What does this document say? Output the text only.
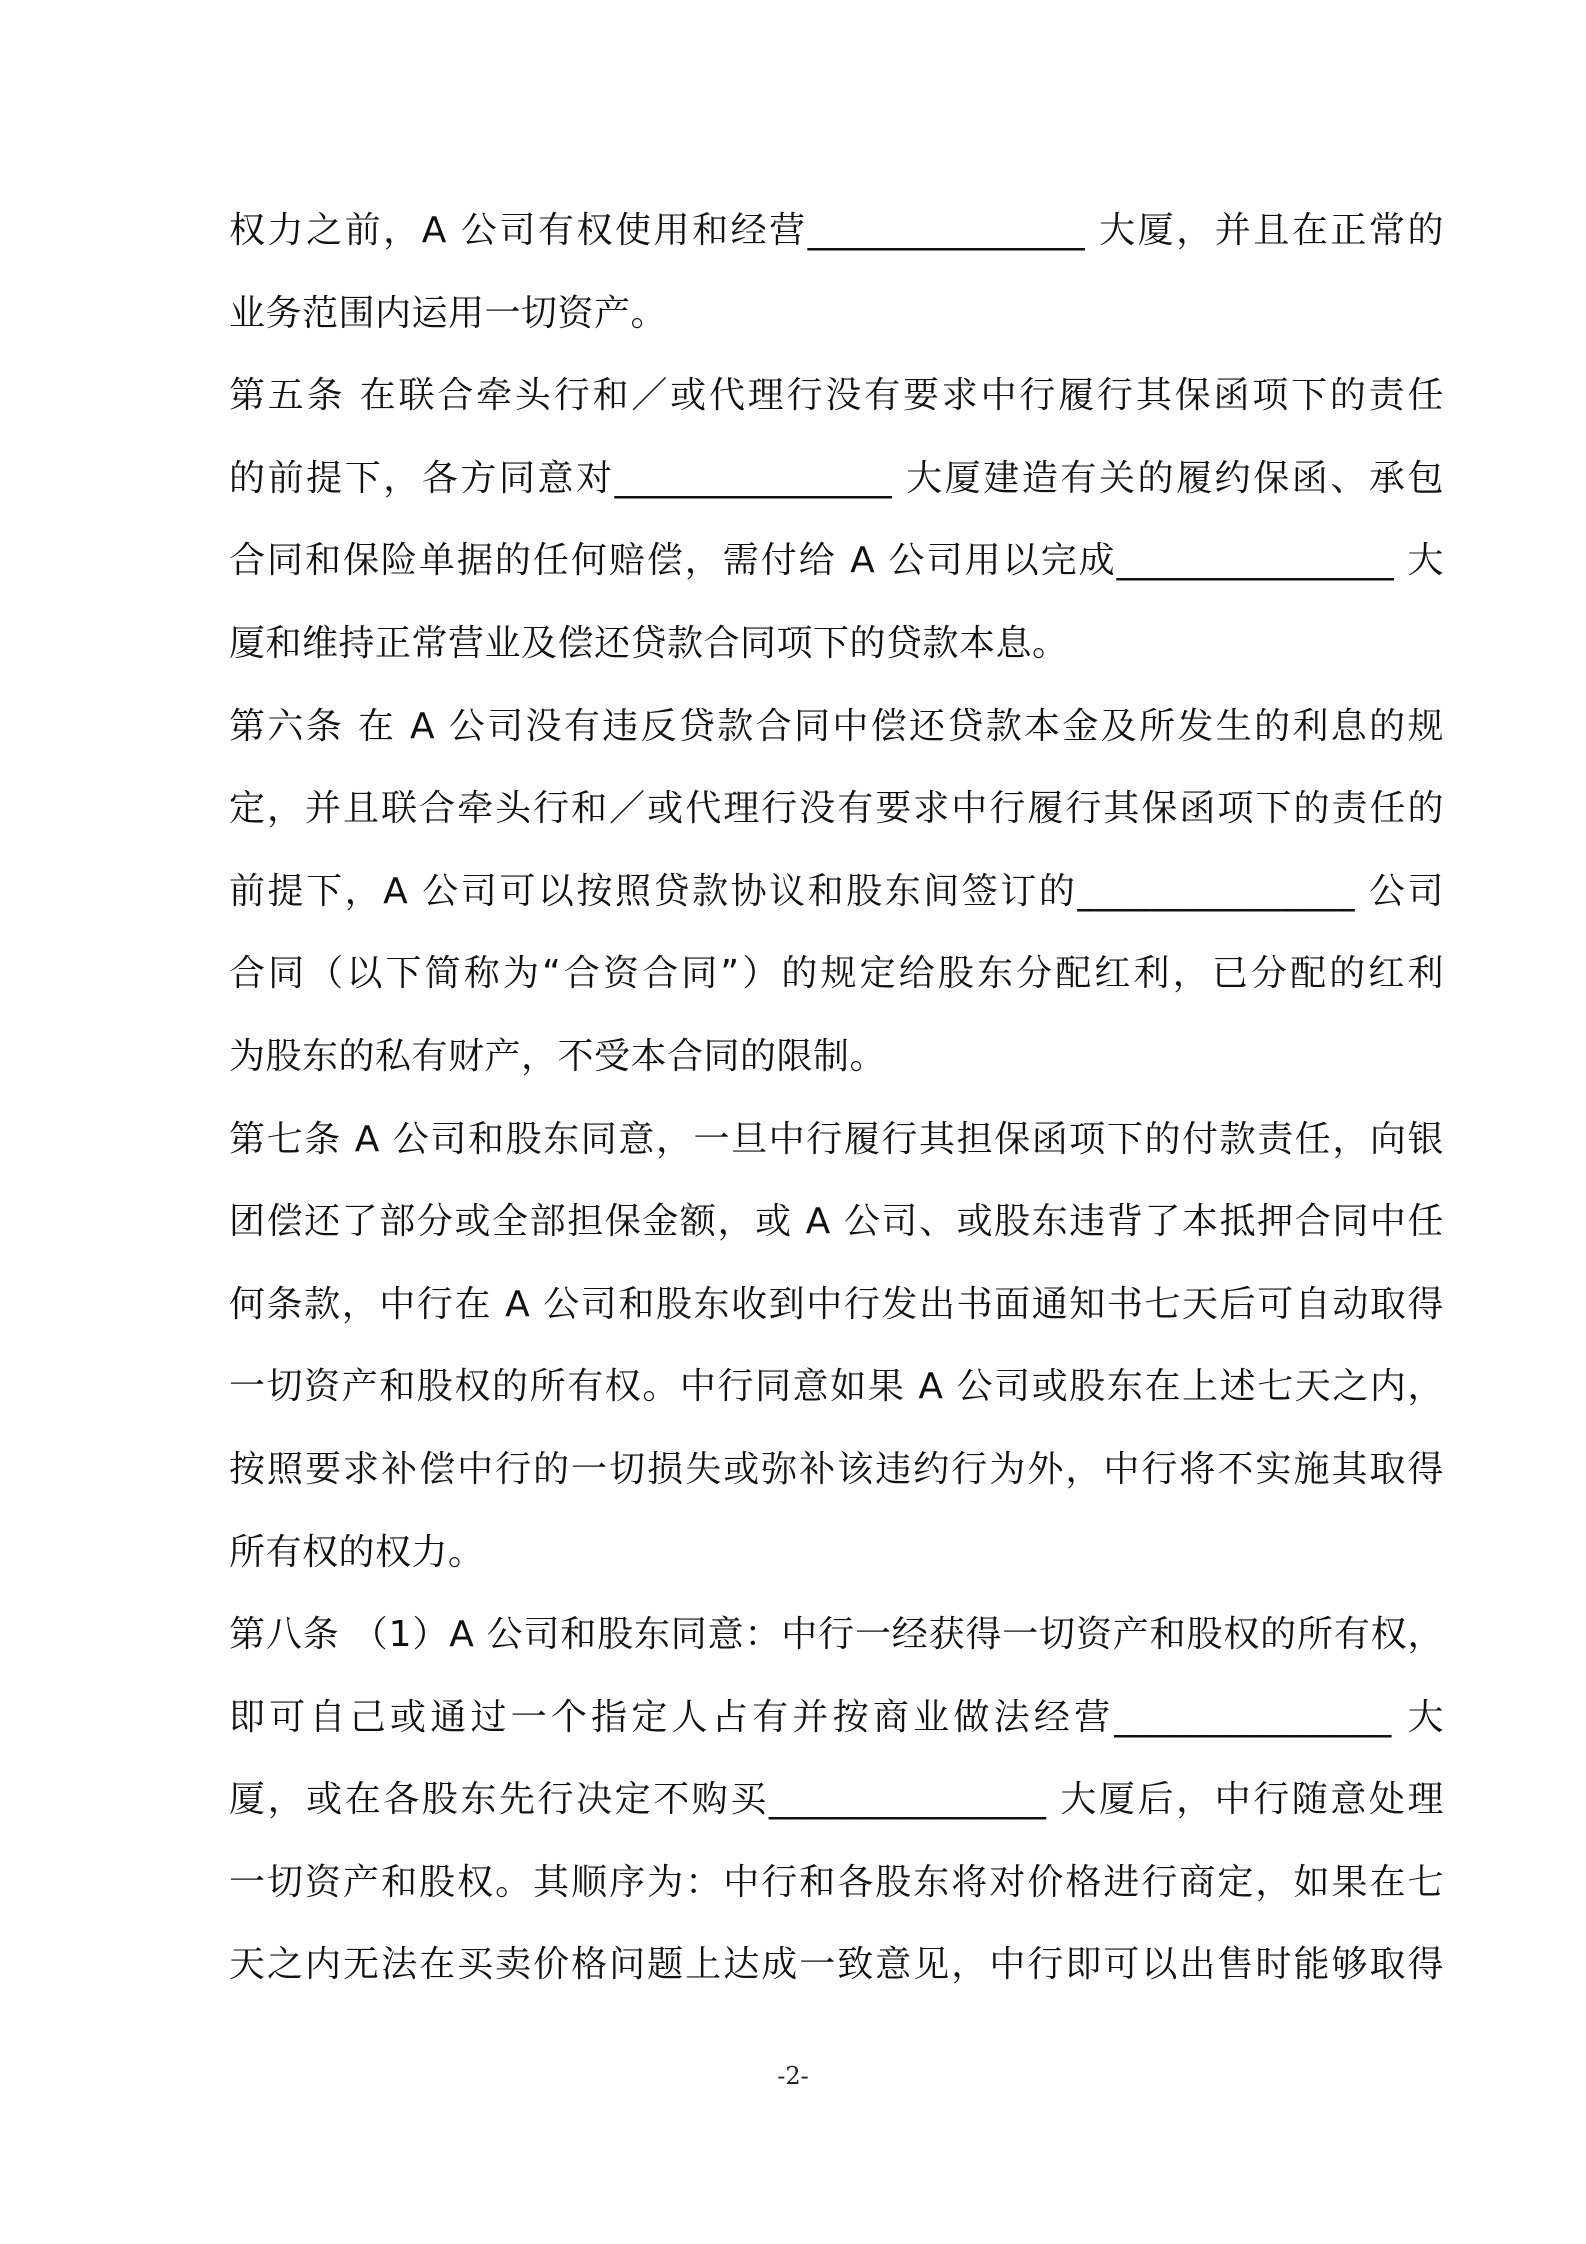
权力之前，A 公司有权使用和经营_______________ 大厦，并且在正常的
业务范围内运用一切资产。
第五条 在联合牵头行和／或代理行没有要求中行履行其保函项下的责任
的前提下，各方同意对_______________ 大厦建造有关的履约保函、承包
合同和保险单据的任何赔偿，需付给 A 公司用以完成_______________ 大
厦和维持正常营业及偿还贷款合同项下的贷款本息。
第六条 在 A 公司没有违反贷款合同中偿还贷款本金及所发生的利息的规
定，并且联合牵头行和／或代理行没有要求中行履行其保函项下的责任的
前提下，A 公司可以按照贷款协议和股东间签订的_______________ 公司
合同（以下简称为“合资合同”）的规定给股东分配红利，已分配的红利
为股东的私有财产，不受本合同的限制。
第七条 A 公司和股东同意，一旦中行履行其担保函项下的付款责任，向银
团偿还了部分或全部担保金额，或 A 公司、或股东违背了本抵押合同中任
何条款，中行在 A 公司和股东收到中行发出书面通知书七天后可自动取得
一切资产和股权的所有权。中行同意如果 A 公司或股东在上述七天之内，
按照要求补偿中行的一切损失或弥补该违约行为外，中行将不实施其取得
所有权的权力。
第八条 （1）A 公司和股东同意：中行一经获得一切资产和股权的所有权，
即可自己或通过一个指定人占有并按商业做法经营_______________ 大
厦，或在各股东先行决定不购买_______________ 大厦后，中行随意处理
一切资产和股权。其顺序为：中行和各股东将对价格进行商定，如果在七
天之内无法在买卖价格问题上达成一致意见，中行即可以出售时能够取得
-2-
